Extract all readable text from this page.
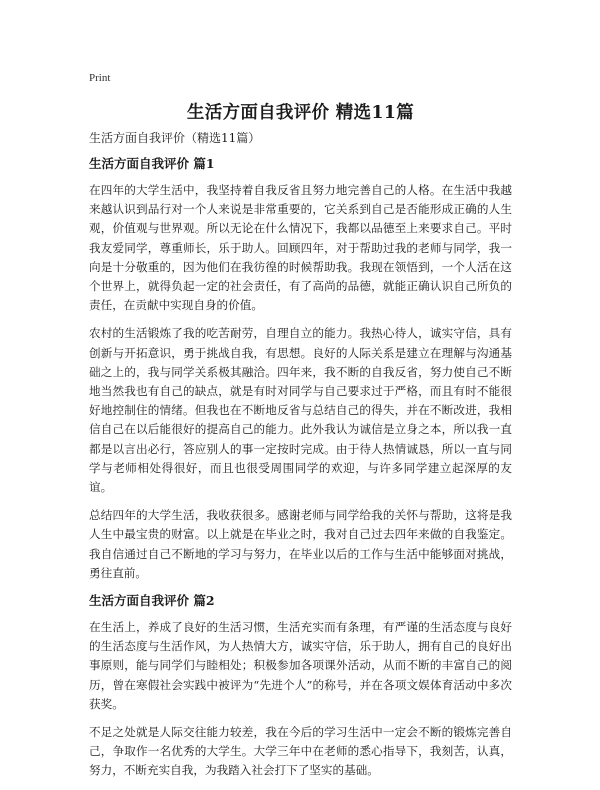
Print
生活方面自我评价 精选11篇
生活方面自我评价（精选11篇）
生活方面自我评价 篇1

在四年的大学生活中，我坚持着自我反省且努力地完善自己的人格。在生活中我越来越认识到品行对一个人来说是非常重要的，它关系到自己是否能形成正确的人生观，价值观与世界观。所以无论在什么情况下，我都以品德至上来要求自己。平时我友爱同学，尊重师长，乐于助人。回顾四年，对于帮助过我的老师与同学，我一向是十分敬重的，因为他们在我彷徨的时候帮助我。我现在领悟到，一个人活在这个世界上，就得负起一定的社会责任，有了高尚的品德，就能正确认识自己所负的责任，在贡献中实现自身的价值。

农村的生活锻炼了我的吃苦耐劳，自理自立的能力。我热心待人，诚实守信，具有创新与开拓意识，勇于挑战自我，有思想。良好的人际关系是建立在理解与沟通基础之上的，我与同学关系极其融洽。四年来，我不断的自我反省，努力使自己不断地当然我也有自己的缺点，就是有时对同学与自己要求过于严格，而且有时不能很好地控制住的情绪。但我也在不断地反省与总结自己的得失，并在不断改进，我相信自己在以后能很好的提高自己的能力。此外我认为诚信是立身之本，所以我一直都是以言出必行，答应别人的事一定按时完成。由于待人热情诚恳，所以一直与同学与老师相处得很好，而且也很受周围同学的欢迎，与许多同学建立起深厚的友谊。

总结四年的大学生活，我收获很多。感谢老师与同学给我的关怀与帮助，这将是我人生中最宝贵的财富。以上就是在毕业之时，我对自己过去四年来做的自我鉴定。我自信通过自己不断地的学习与努力，在毕业以后的工作与生活中能够面对挑战，勇往直前。

生活方面自我评价 篇2

在生活上，养成了良好的生活习惯，生活充实而有条理，有严谨的生活态度与良好的生活态度与生活作风，为人热情大方，诚实守信，乐于助人，拥有自己的良好出事原则，能与同学们与睦相处；积极参加各项课外活动，从而不断的丰富自己的阅历，曾在寒假社会实践中被评为“先进个人”的称号，并在各项文娱体育活动中多次获奖。

不足之处就是人际交往能力较差，我在今后的学习生活中一定会不断的锻炼完善自己，争取作一名优秀的大学生。大学三年中在老师的悉心指导下，我刻苦，认真，努力，不断充实自我，为我踏入社会打下了坚实的基础。
